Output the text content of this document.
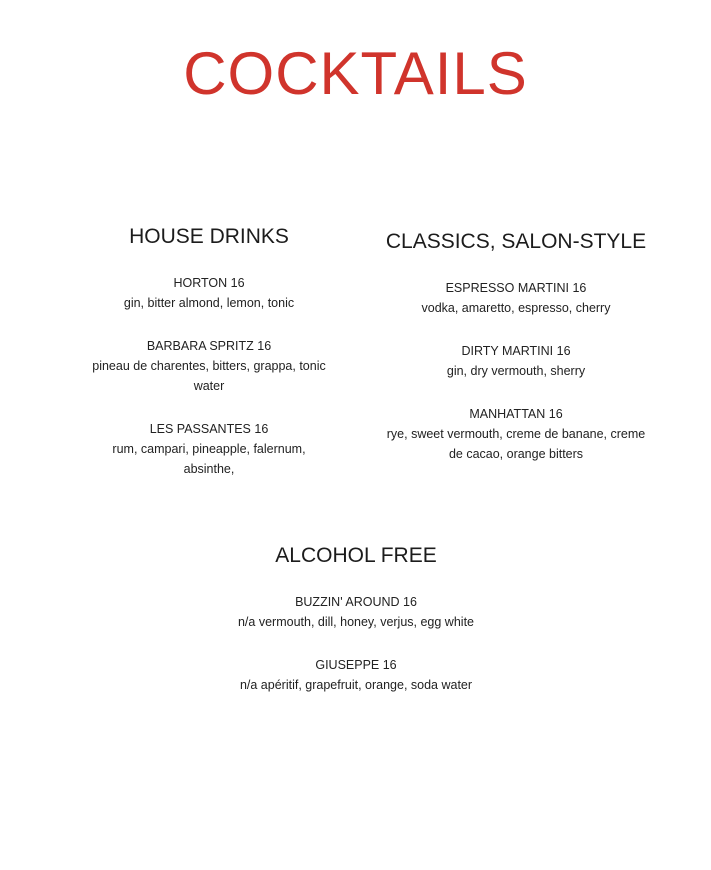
COCKTAILS
HOUSE DRINKS
HORTON 16
gin, bitter almond, lemon, tonic
BARBARA SPRITZ 16
pineau de charentes, bitters, grappa, tonic water
LES PASSANTES 16
rum, campari, pineapple, falernum, absinthe,
CLASSICS, SALON-STYLE
ESPRESSO MARTINI 16
vodka, amaretto, espresso, cherry
DIRTY MARTINI 16
gin, dry vermouth, sherry
MANHATTAN 16
rye, sweet vermouth, creme de banane, creme de cacao, orange bitters
ALCOHOL FREE
BUZZIN' AROUND 16
n/a vermouth, dill, honey, verjus, egg white
GIUSEPPE 16
n/a apéritif, grapefruit, orange, soda water
